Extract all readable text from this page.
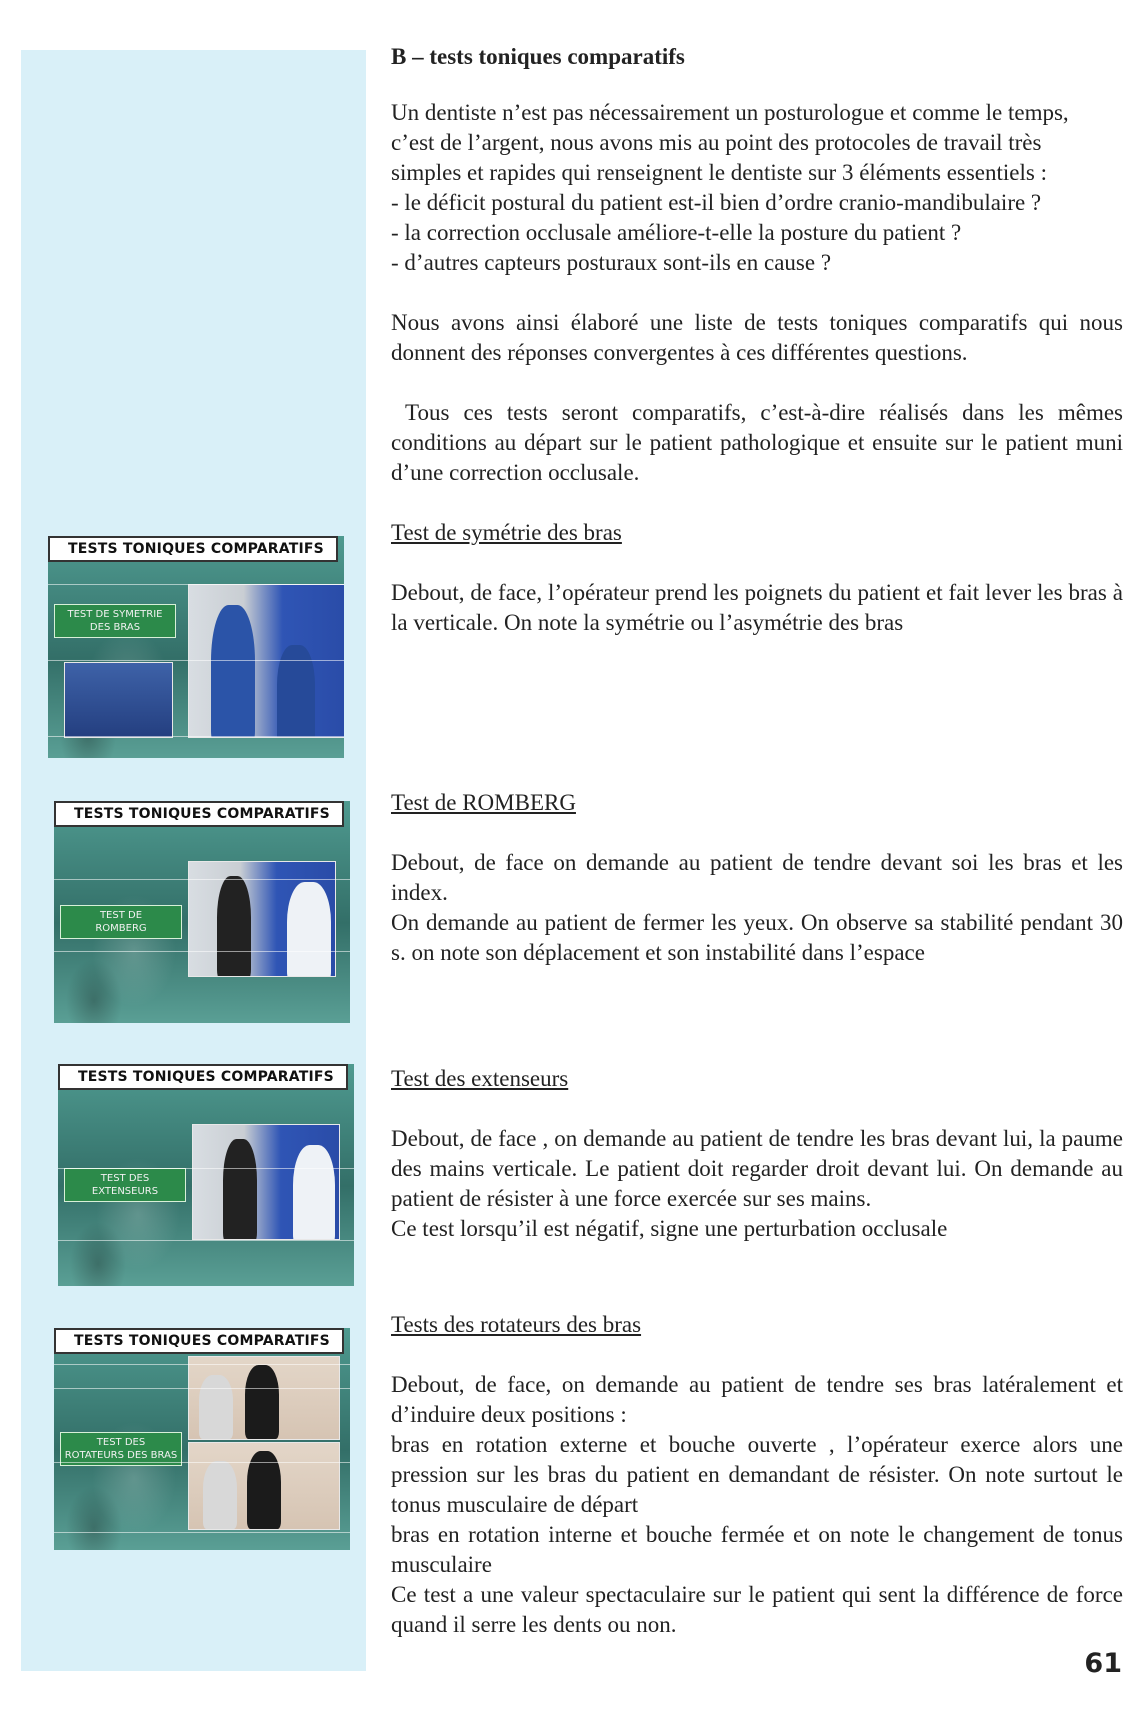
TESTS TONIQUES COMPARATIFS
TEST DE SYMETRIE
DES BRAS
TESTS TONIQUES COMPARATIFS
TEST DE
ROMBERG
TESTS TONIQUES COMPARATIFS
TEST DES
EXTENSEURS
TESTS TONIQUES COMPARATIFS
TEST DES
ROTATEURS DES BRAS
B – tests toniques comparatifs

Un dentiste n’est pas nécessairement un posturologue et comme le temps,
c’est de l’argent, nous avons mis au point des protocoles de travail très
simples et rapides qui renseignent le dentiste sur 3 éléments essentiels :
- le déficit postural du patient est-il bien d’ordre cranio-mandibulaire ?
- la correction occlusale améliore-t-elle la posture du patient ?
- d’autres capteurs posturaux sont-ils en cause ?

Nous avons ainsi élaboré une liste de tests toniques comparatifs qui nous donnent des réponses convergentes à ces différentes questions.

Tous ces tests seront comparatifs, c’est-à-dire réalisés dans les mêmes conditions au départ sur le patient pathologique et ensuite sur le patient muni d’une correction occlusale.

Test de symétrie des bras

Debout, de face, l’opérateur prend les poignets du patient et fait lever les bras à la verticale. On note la symétrie ou l’asymétrie des bras

Test de ROMBERG

Debout, de face on demande au patient de tendre devant soi les bras et les index.

On demande au patient de fermer les yeux. On observe sa stabilité pendant 30 s. on note son déplacement et son instabilité dans l’espace

Test des extenseurs

Debout, de face , on demande au patient de tendre les bras devant lui, la paume des mains verticale. Le patient doit regarder droit devant lui. On demande au patient de résister à une force exercée sur ses mains.

Ce test lorsqu’il est négatif, signe une perturbation occlusale

Tests des rotateurs des bras

Debout, de face, on demande au patient de tendre ses bras latéralement et d’induire deux positions :

bras en rotation externe et bouche ouverte , l’opérateur exerce alors une pression sur les bras du patient en demandant de résister. On note surtout le tonus musculaire de départ

bras en rotation interne et bouche fermée et on note le changement de tonus musculaire

Ce test a une valeur spectaculaire sur le patient qui sent la différence de force quand il serre les dents ou non.

61
